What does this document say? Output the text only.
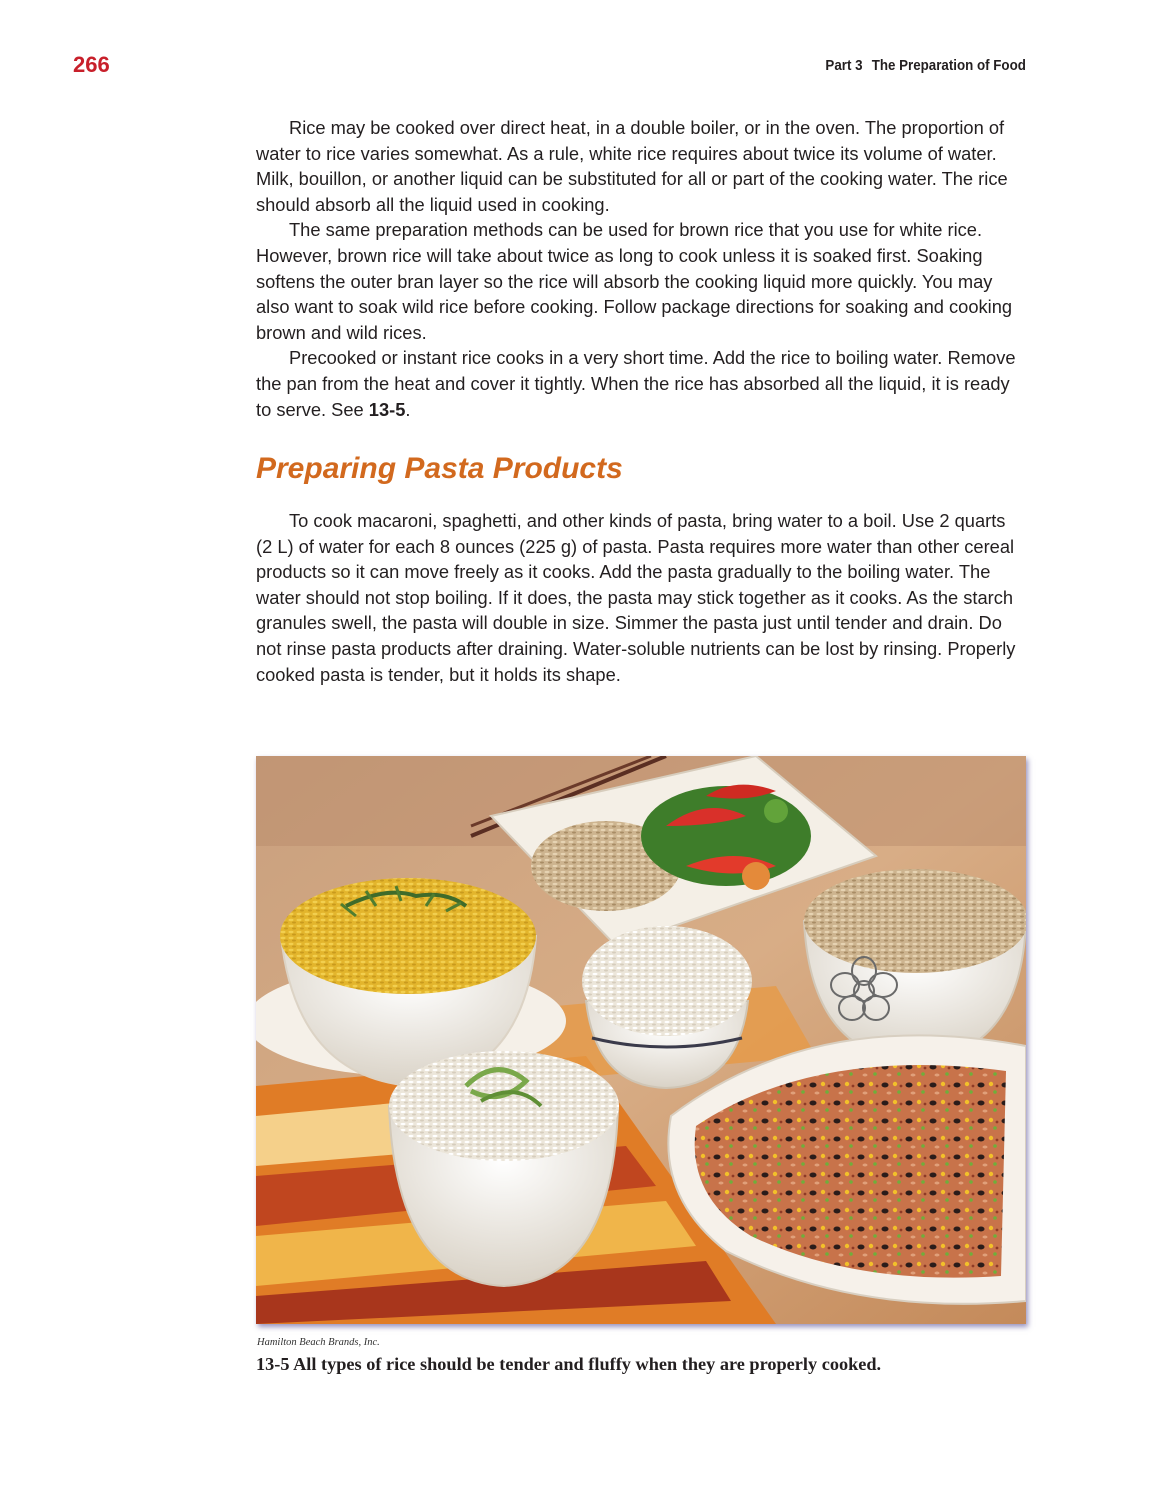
266	Part 3 The Preparation of Food

Rice may be cooked over direct heat, in a double boiler, or in the oven. The proportion of water to rice varies somewhat. As a rule, white rice requires about twice its volume of water. Milk, bouillon, or another liquid can be substituted for all or part of the cooking water. The rice should absorb all the liquid used in cooking.

The same preparation methods can be used for brown rice that you use for white rice. However, brown rice will take about twice as long to cook unless it is soaked first. Soaking softens the outer bran layer so the rice will absorb the cooking liquid more quickly. You may also want to soak wild rice before cooking. Follow package directions for soaking and cooking brown and wild rices.

Precooked or instant rice cooks in a very short time. Add the rice to boiling water. Remove the pan from the heat and cover it tightly. When the rice has absorbed all the liquid, it is ready to serve. See 13-5.

Preparing Pasta Products

To cook macaroni, spaghetti, and other kinds of pasta, bring water to a boil. Use 2 quarts (2 L) of water for each 8 ounces (225 g) of pasta. Pasta requires more water than other cereal products so it can move freely as it cooks. Add the pasta gradually to the boiling water. The water should not stop boiling. If it does, the pasta may stick together as it cooks. As the starch granules swell, the pasta will double in size. Simmer the pasta just until tender and drain. Do not rinse pasta products after draining. Water-soluble nutrients can be lost by rinsing. Properly cooked pasta is tender, but it holds its shape.

Hamilton Beach Brands, Inc.
13-5 All types of rice should be tender and fluffy when they are properly cooked.
